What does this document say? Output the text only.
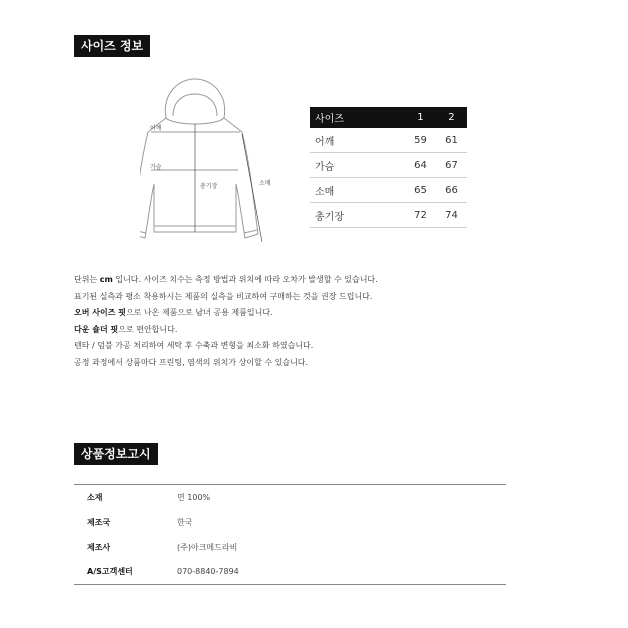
사이즈 정보
어깨
가슴
총기장	소매
사이즈	1	2
어깨	59	61
가슴	64	67
소매	65	66
총기장	72	74
단위는 cm 입니다. 사이즈 치수는 측정 방법과 위치에 따라 오차가 발생할 수 있습니다.
표기된 실측과 평소 착용하시는 제품의 실측을 비교하여 구매하는 것을 권장 드립니다.
오버 사이즈 핏으로 나온 제품으로 남녀 공용 제품입니다.
다운 숄더 핏으로 편안합니다.
텐타 / 덤블 가공 처리하여 세탁 후 수축과 변형을 최소화 하였습니다.
공정 과정에서 상품마다 프린팅, 염색의 위치가 상이할 수 있습니다.
상품정보고시
소재	면 100%
제조국	한국
제조사	(주)아크메드라비
A/S고객센터	070-8840-7894
